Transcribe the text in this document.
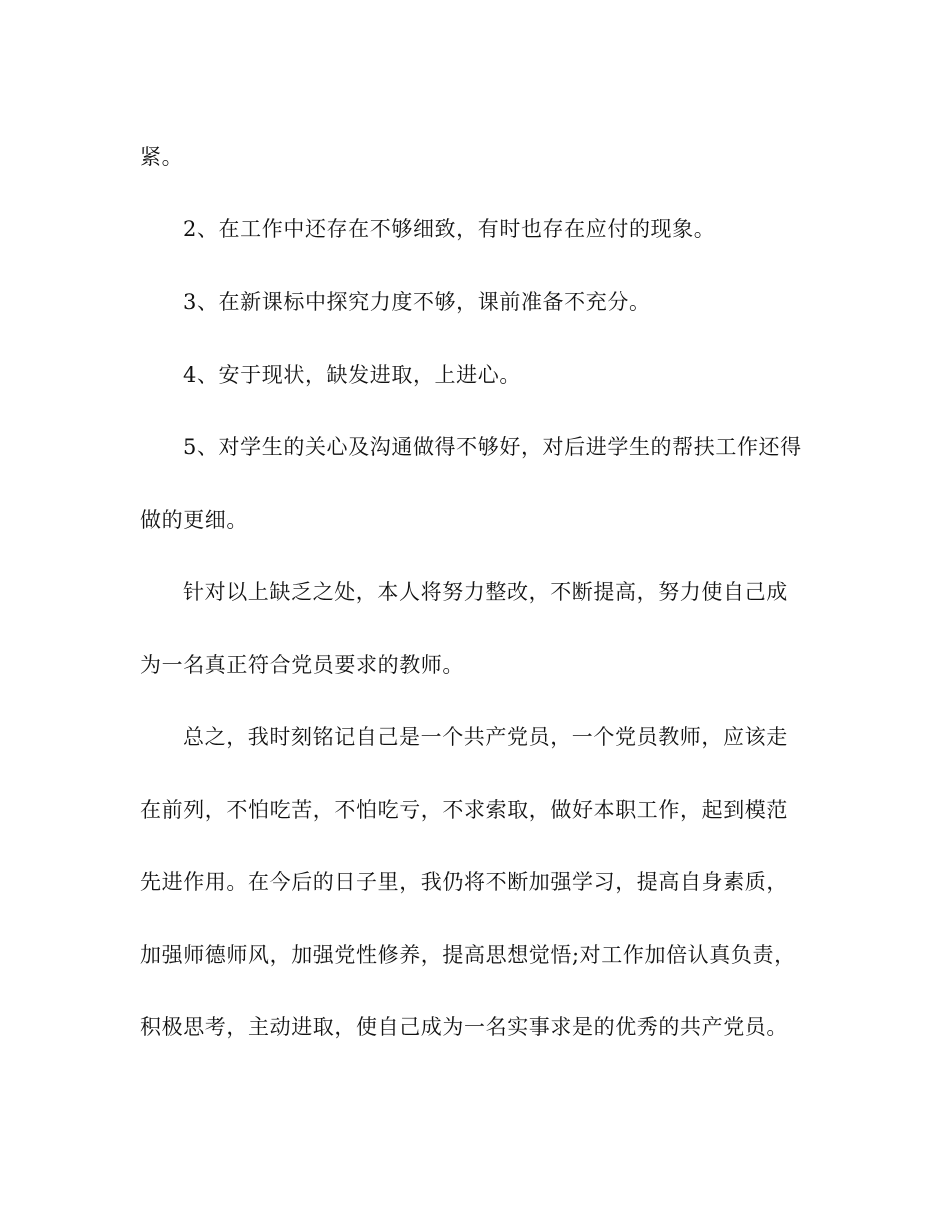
紧。
2、在工作中还存在不够细致，有时也存在应付的现象。
3、在新课标中探究力度不够，课前准备不充分。
4、安于现状，缺发进取，上进心。
5、对学生的关心及沟通做得不够好，对后进学生的帮扶工作还得
做的更细。
针对以上缺乏之处，本人将努力整改，不断提高，努力使自己成
为一名真正符合党员要求的教师。
总之，我时刻铭记自己是一个共产党员，一个党员教师，应该走
在前列，不怕吃苦，不怕吃亏，不求索取，做好本职工作，起到模范
先进作用。在今后的日子里，我仍将不断加强学习，提高自身素质，
加强师德师风，加强党性修养，提高思想觉悟;对工作加倍认真负责，
积极思考，主动进取，使自己成为一名实事求是的优秀的共产党员。
